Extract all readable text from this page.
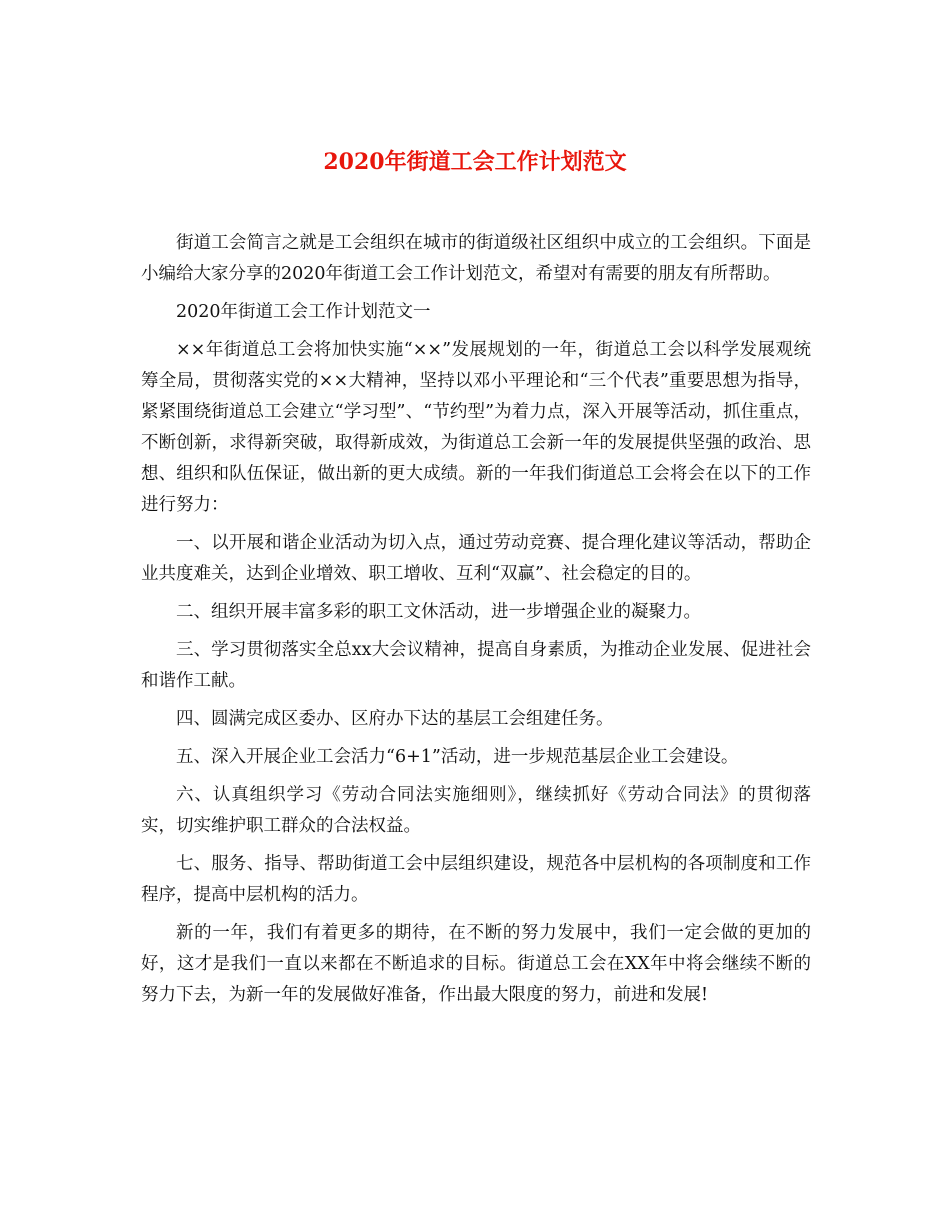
2020年街道工会工作计划范文

街道工会简言之就是工会组织在城市的街道级社区组织中成立的工会组织。下面是小编给大家分享的2020年街道工会工作计划范文，希望对有需要的朋友有所帮助。

2020年街道工会工作计划范文一

××年街道总工会将加快实施“××”发展规划的一年，街道总工会以科学发展观统筹全局，贯彻落实党的××大精神，坚持以邓小平理论和“三个代表”重要思想为指导，紧紧围绕街道总工会建立“学习型”、“节约型”为着力点，深入开展等活动，抓住重点，不断创新，求得新突破，取得新成效，为街道总工会新一年的发展提供坚强的政治、思想、组织和队伍保证，做出新的更大成绩。新的一年我们街道总工会将会在以下的工作进行努力：

一、以开展和谐企业活动为切入点，通过劳动竞赛、提合理化建议等活动，帮助企业共度难关，达到企业增效、职工增收、互利“双赢”、社会稳定的目的。

二、组织开展丰富多彩的职工文休活动，进一步增强企业的凝聚力。

三、学习贯彻落实全总xx大会议精神，提高自身素质，为推动企业发展、促进社会和谐作工献。

四、圆满完成区委办、区府办下达的基层工会组建任务。

五、深入开展企业工会活力“6+1”活动，进一步规范基层企业工会建设。

六、认真组织学习《劳动合同法实施细则》，继续抓好《劳动合同法》的贯彻落实，切实维护职工群众的合法权益。

七、服务、指导、帮助街道工会中层组织建设，规范各中层机构的各项制度和工作程序，提高中层机构的活力。

新的一年，我们有着更多的期待，在不断的努力发展中，我们一定会做的更加的好，这才是我们一直以来都在不断追求的目标。街道总工会在XX年中将会继续不断的努力下去，为新一年的发展做好准备，作出最大限度的努力，前进和发展!
